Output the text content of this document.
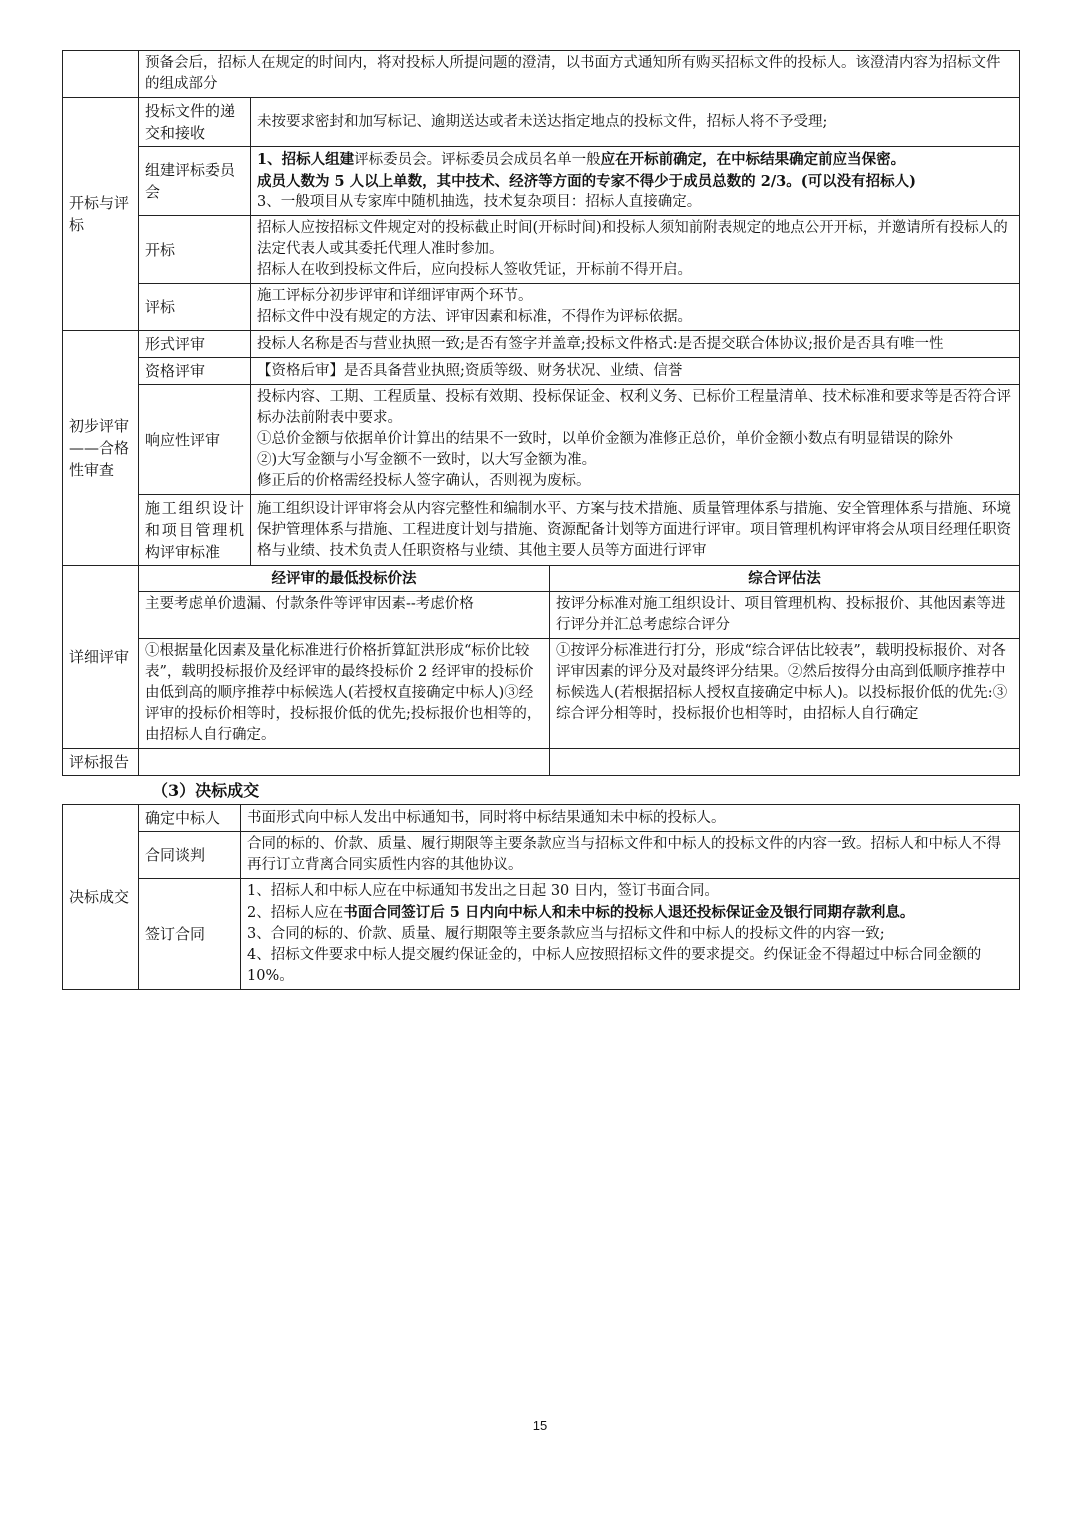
	预备会后，招标人在规定的时间内，将对投标人所提问题的澄清，以书面方式通知所有购买招标文件的投标人。该澄清内容为招标文件的组成部分		
开标与评标	投标文件的递交和接收	未按要求密封和加写标记、逾期送达或者未送达指定地点的投标文件，招标人将不予受理;	

	组建评标委员会	1、招标人组建评标委员会。评标委员会成员名单一般应在开标前确定，在中标结果确定前应当保密。

成员人数为 5 人以上单数，其中技术、经济等方面的专家不得少于成员总数的 2/3。(可以没有招标人)

3、一般项目从专家库中随机抽选，技术复杂项目：招标人直接确定。	

	开标	招标人应按招标文件规定对的投标截止时间(开标时间)和投标人须知前附表规定的地点公开开标，并邀请所有投标人的法定代表人或其委托代理人准时参加。

招标人在收到投标文件后，应向投标人签收凭证，开标前不得开启。	

	评标	施工评标分初步评审和详细评审两个环节。

招标文件中没有规定的方法、评审因素和标准，不得作为评标依据。	

初步评审——合格性审查	形式评审	投标人名称是否与营业执照一致;是否有签字并盖章;投标文件格式:是否提交联合体协议;报价是否具有唯一性	

	资格评审	【资格后审】是否具备营业执照;资质等级、财务状况、业绩、信誉	

	响应性评审	投标内容、工期、工程质量、投标有效期、投标保证金、权利义务、已标价工程量清单、技术标准和要求等是否符合评标办法前附表中要求。

①总价金额与依据单价计算出的结果不一致时，以单价金额为准修正总价，单价金额小数点有明显错误的除外

②)大写金额与小写金额不一致时，以大写金额为准。

修正后的价格需经投标人签字确认，否则视为废标。	

	施工组织设计和项目管理机构评审标准	施工组织设计评审将会从内容完整性和编制水平、方案与技术措施、质量管理体系与措施、安全管理体系与措施、环境保护管理体系与措施、工程进度计划与措施、资源配备计划等方面进行评审。项目管理机构评审将会从项目经理任职资格与业绩、技术负责人任职资格与业绩、其他主要人员等方面进行评审	

详细评审	经评审的最低投标价法		综合评估法
	主要考虑单价遗漏、付款条件等评审因素--考虑价格		按评分标准对施工组织设计、项目管理机构、投标报价、其他因素等进行评分并汇总考虑综合评分
	①根据量化因素及量化标准进行价格折算缸洪形成“标价比较表”，载明投标报价及经评审的最终投标价 2 经评审的投标价由低到高的顺序推荐中标候选人(若授权直接确定中标人)③经评审的投标价相等时，投标报价低的优先;投标报价也相等的，由招标人自行确定。		①按评分标准进行打分，形成“综合评估比较表”，载明投标报价、对各评审因素的评分及对最终评分结果。②然后按得分由高到低顺序推荐中标候选人(若根据招标人授权直接确定中标人)。以投标报价低的优先:③综合评分相等时，投标报价也相等时，由招标人自行确定
评标报告			
（3）决标成交
决标成交	确定中标人	书面形式向中标人发出中标通知书，同时将中标结果通知未中标的投标人。
	合同谈判	合同的标的、价款、质量、履行期限等主要条款应当与招标文件和中标人的投标文件的内容一致。招标人和中标人不得再行订立背离合同实质性内容的其他协议。
	签订合同	1、招标人和中标人应在中标通知书发出之日起 30 日内，签订书面合同。

2、招标人应在书面合同签订后 5 日内向中标人和未中标的投标人退还投标保证金及银行同期存款利息。

3、合同的标的、价款、质量、履行期限等主要条款应当与招标文件和中标人的投标文件的内容一致;

4、招标文件要求中标人提交履约保证金的，中标人应按照招标文件的要求提交。约保证金不得超过中标合同金额的 10%。

15
